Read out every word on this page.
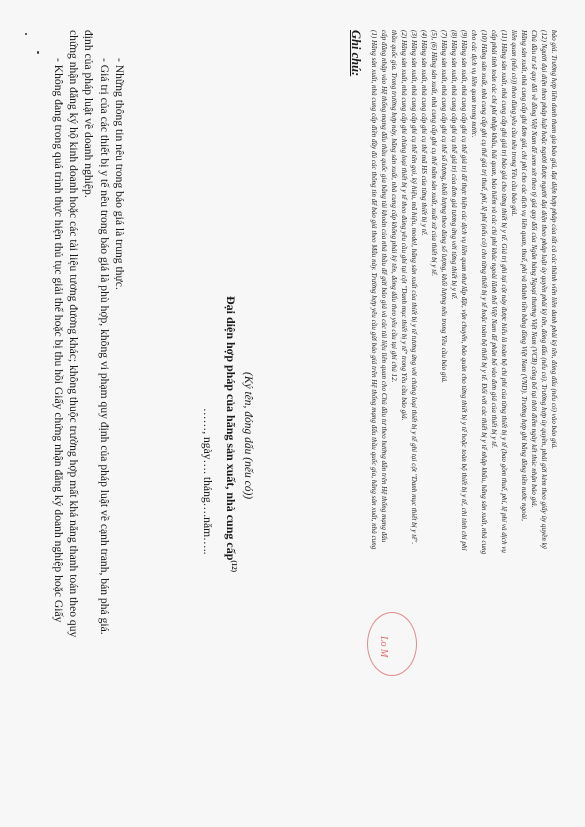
- Không đang trong quá trình thực hiện thủ tục giải thể hoặc bị thu hồi Giấy chứng nhận đăng ký doanh nghiệp hoặc Giấy chứng nhận đăng ký hộ kinh doanh hoặc các tài liệu tương đương khác; không thuộc trường hợp mất khả năng thanh toán theo quy định của pháp luật về doanh nghiệp. - Giá trị của các thiết bị y tế nêu trong báo giá là phù hợp, không vi phạm quy định của pháp luật về cạnh tranh, bán phá giá. - Những thông tin nêu trong báo giá là trung thực.
……, ngày…. tháng….năm….. Đại diện hợp pháp của hãng sản xuất, nhà cung cấp$^{(12)}$
(Ký tên, đóng dấu (nếu có))
Lo M
Ghi chú: (1) Hãng sản xuất, nhà cung cấp điền đầy đủ các thông tin để báo giá theo Mẫu này. Trường hợp yêu cầu gửi báo giá trên Hệ thống mạng đấu thầu quốc gia, hãng sản xuất, nhà cung cấp đăng nhập vào Hệ thống mạng đấu thầu quốc gia bằng tài khoản của nhà thầu để gửi báo giá và các tài liệu liên quan cho Chủ đầu tư theo hướng dẫn trên Hệ thống mạng đấu thầu quốc gia. Trong trường hợp này, hãng sản xuất, nhà cung cấp không phải ký tên, đóng dấu theo yêu cầu tại ghi chú 12. (2) Hãng sản xuất, nhà cung cấp ghi chủng loại thiết bị y tế theo đúng yêu cầu ghi tại cột "Danh mục thiết bị y tế" trong Yêu cầu báo giá. (3) Hãng sản xuất, nhà cung cấp ghi cụ thể tên gọi, ký hiệu, mã hiệu, model, hãng sản xuất của thiết bị y tế tương ứng với chủng loại thiết bị y tế ghi tại cột "Danh mục thiết bị y tế". (4) Hãng sản xuất, nhà cung cấp ghi cụ thể mã HS của từng thiết bị y tế. (5), (6) Hãng sản xuất, nhà cung cấp ghi cụ thể năm sản xuất, xuất xứ của thiết bị y tế. (7) Hãng sản xuất, nhà cung cấp ghi cụ thể số lượng, khối lượng theo đúng số lượng, khối lượng nêu trong Yêu cầu báo giá. (8) Hãng sản xuất, nhà cung cấp ghi cụ thể giá trị của đơn giá tương ứng với từng thiết bị y tế. (9) Hãng sản xuất, nhà cung cấp ghi cụ thể giá trị để thực hiện các dịch vụ liên quan như lắp đặt, vận chuyển, bảo quản cho từng thiết bị y tế hoặc toàn bộ thiết bị y tế, chi tính chi phí cho các dịch vụ liên quan trong nước. (10) Hãng sản xuất, nhà cung cấp ghi cụ thể giá trị thuế, phí, lệ phí (nếu có) cho từng thiết bị y tế hoặc toàn bộ thiết bị y tế. Đối với các thiết bị y tế nhập khẩu, hãng sản xuất, nhà cung cấp phải tính toán các chi phí nhập khẩu, hải quan, bảo hiểm và các chi phí khác ngoài lãnh thổ Việt Nam để phân bổ vào đơn giá của thiết bị y tế. (11) Hãng sản xuất, nhà cung cấp ghi giá trị báo giá cho từng thiết bị y tế. Giá trị ghi tại cột này được hiểu là toàn bộ chi phí của từng thiết bị y tế (bao gồm thuế, phí, lệ phí và dịch vụ liên quan (nếu có)) theo đúng yêu cầu nêu trong Yêu cầu báo giá. Hãng sản xuất, nhà cung cấp ghi đơn giá, chi phí cho các dịch vụ liên quan, thuế, phí và thành tiền bằng đồng Việt Nam (VND). Trường hợp ghi bằng đồng tiền nước ngoài, Chủ đầu tư sẽ quy đổi về đồng Việt Nam để xem xét theo tỷ giá quy đổi của Ngân hàng Ngoại thương Việt Nam (VCB) công bố tại thời điểm ngày kết thúc nhận báo giá. (12) Người đại diện theo pháp luật hoặc người được người đại diện theo pháp luật ủy quyền phải ký tên, đóng dấu (nếu có). Trường hợp ủy quyền, phải gửi kèm theo giấy ủy quyền ký báo giá. Trường hợp liên danh tham gia báo giá, đại diện hợp pháp của tất cả các thành viên liên danh phải ký tên, đóng dấu (nếu có) vào báo giá.
